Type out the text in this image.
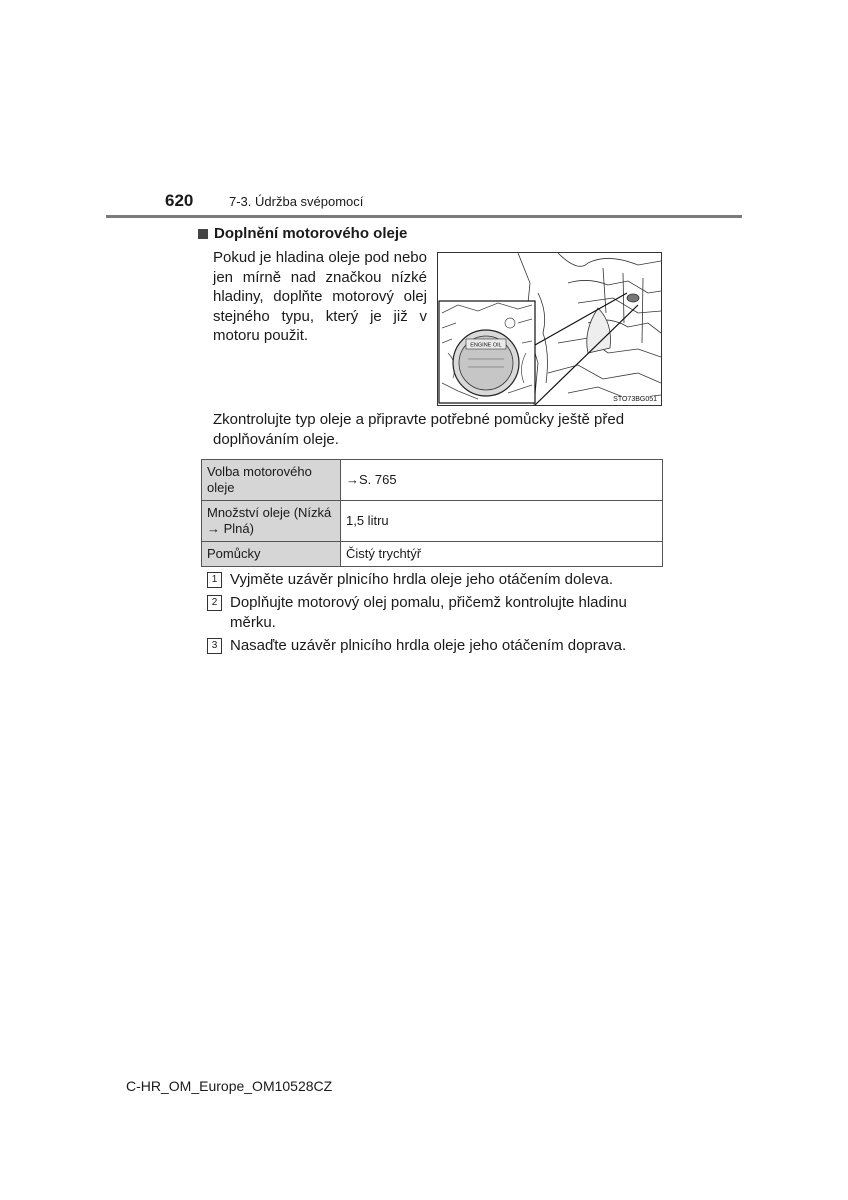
620	7-3. Údržba svépomocí
Doplnění motorového oleje

Pokud je hladina oleje pod nebo jen mírně nad značkou nízké hladiny, doplňte motorový olej stejného typu, který je již v motoru použit.

ENGINE OIL
STO73BG051

Zkontrolujte typ oleje a připravte potřebné pomůcky ještě před doplňováním oleje.

Volba motorového oleje	→S. 765
Množství oleje (Nízká → Plná)	1,5 litru
Pomůcky	Čistý trychtýř
1 Vyjměte uzávěr plnicího hrdla oleje jeho otáčením doleva.
2 Doplňujte motorový olej pomalu, přičemž kontrolujte hladinu měrku.
3 Nasaďte uzávěr plnicího hrdla oleje jeho otáčením doprava.
C-HR_OM_Europe_OM10528CZ
